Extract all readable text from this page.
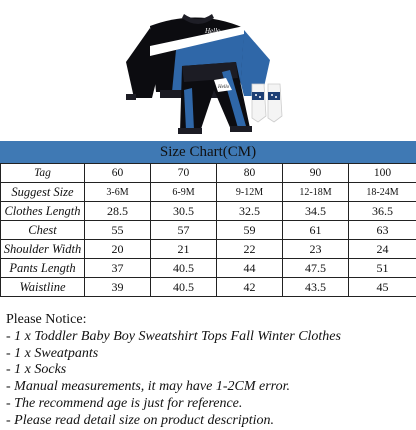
Hello
Hello
Size Chart(CM)
Tag	60	70	80	90	100
Suggest Size	3-6M	6-9M	9-12M	12-18M	18-24M
Clothes Length	28.5	30.5	32.5	34.5	36.5
Chest	55	57	59	61	63
Shoulder Width	20	21	22	23	24
Pants Length	37	40.5	44	47.5	51
Waistline	39	40.5	42	43.5	45
Please Notice:
- 1 x Toddler Baby Boy Sweatshirt Tops Fall Winter Clothes
- 1 x Sweatpants
- 1 x Socks
- Manual measurements, it may have 1-2CM error.
- The recommend age is just for reference.
- Please read detail size on product description.
